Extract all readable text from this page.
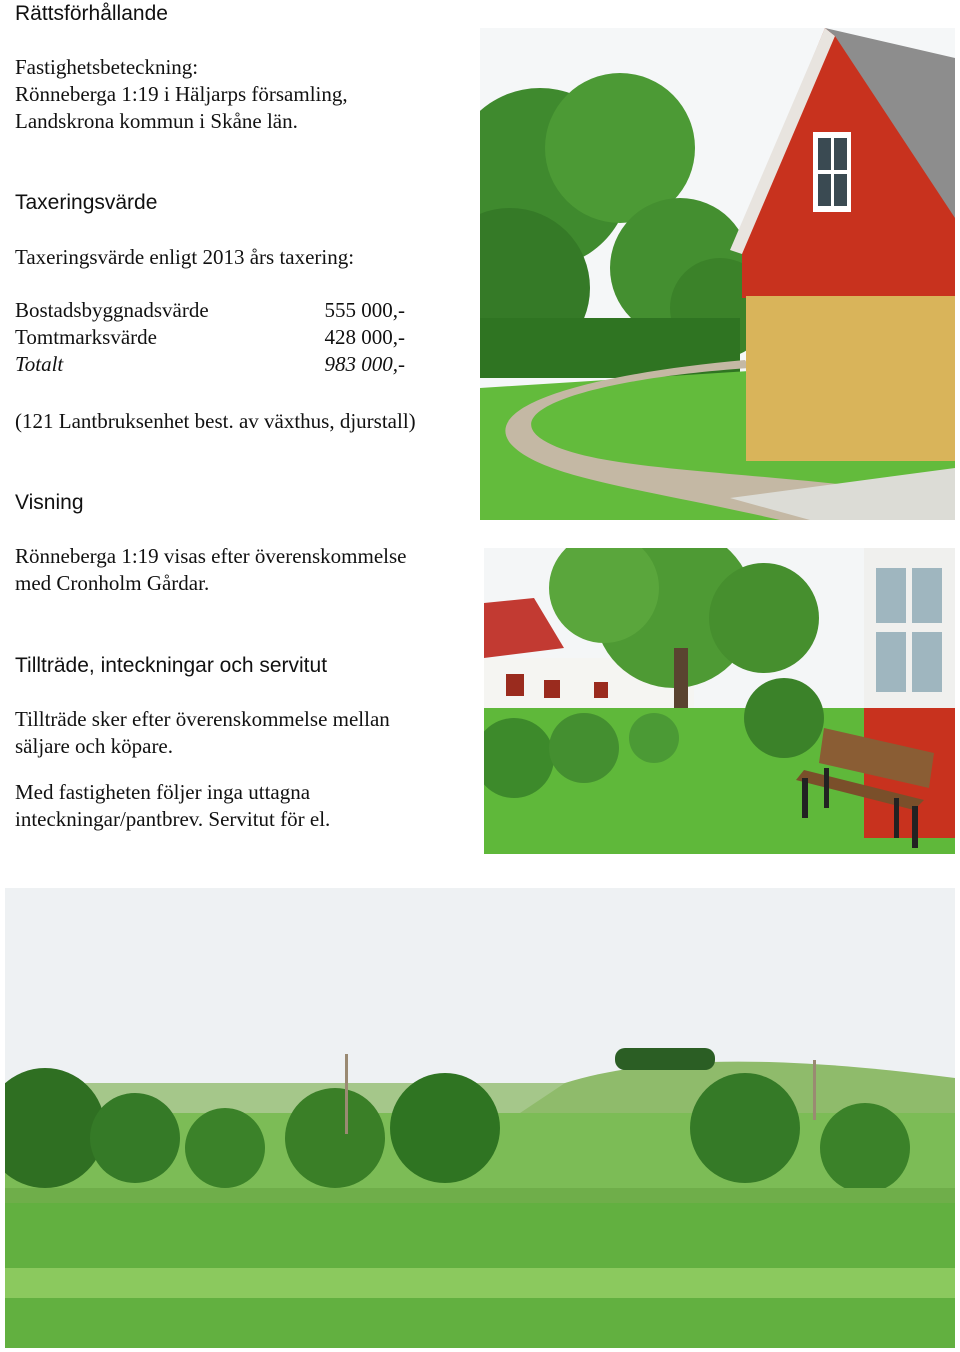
Rättsförhållande
Fastighetsbeteckning:
Rönneberga 1:19 i Häljarps församling,
Landskrona kommun i Skåne län.
Taxeringsvärde
Taxeringsvärde enligt 2013 års taxering:
Bostadsbyggnadsvärde	555 000,-
Tomtmarksvärde	428 000,-
Totalt	983 000,-
(121 Lantbruksenhet best. av växthus, djurstall)
Visning
Rönneberga 1:19 visas efter överenskommelse
med Cronholm Gårdar.
Tillträde, inteckningar och servitut
Tillträde sker efter överenskommelse mellan
säljare och köpare.
Med fastigheten följer inga uttagna
inteckningar/pantbrev. Servitut för el.
